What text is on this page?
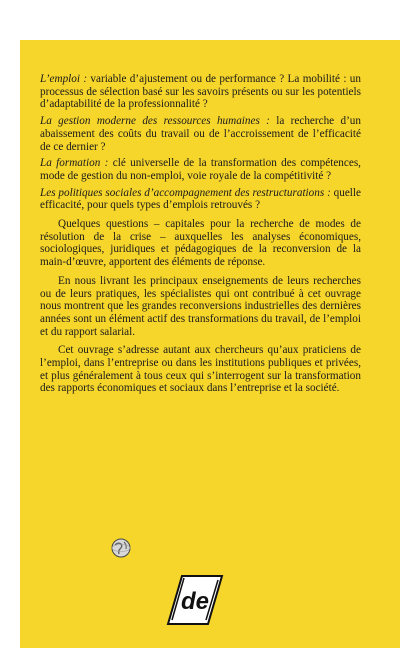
L’emploi : variable d’ajustement ou de performance ? La mobilité : un processus de sélection basé sur les savoirs présents ou sur les potentiels d’adaptabilité de la professionnalité ?
La gestion moderne des ressources humaines : la recherche d’un abaissement des coûts du travail ou de l’accroissement de l’efficacité de ce dernier ?
La formation : clé universelle de la transformation des compétences, mode de gestion du non-emploi, voie royale de la compétitivité ?
Les politiques sociales d’accompagnement des restructurations : quelle efficacité, pour quels types d’emplois retrouvés ?

Quelques questions – capitales pour la recherche de modes de résolution de la crise – auxquelles les analyses économiques, sociologiques, juridiques et pédagogiques de la reconversion de la main-d’œuvre, apportent des éléments de réponse.

En nous livrant les principaux enseignements de leurs recherches ou de leurs pratiques, les spécialistes qui ont contribué à cet ouvrage nous montrent que les grandes reconversions industrielles des dernières années sont un élément actif des transformations du travail, de l’emploi et du rapport salarial.

Cet ouvrage s’adresse autant aux chercheurs qu’aux praticiens de l’emploi, dans l’entreprise ou dans les institutions publiques et privées, et plus généralement à tous ceux qui s’interrogent sur la transformation des rapports économiques et sociaux dans l’entreprise et la société.

de
